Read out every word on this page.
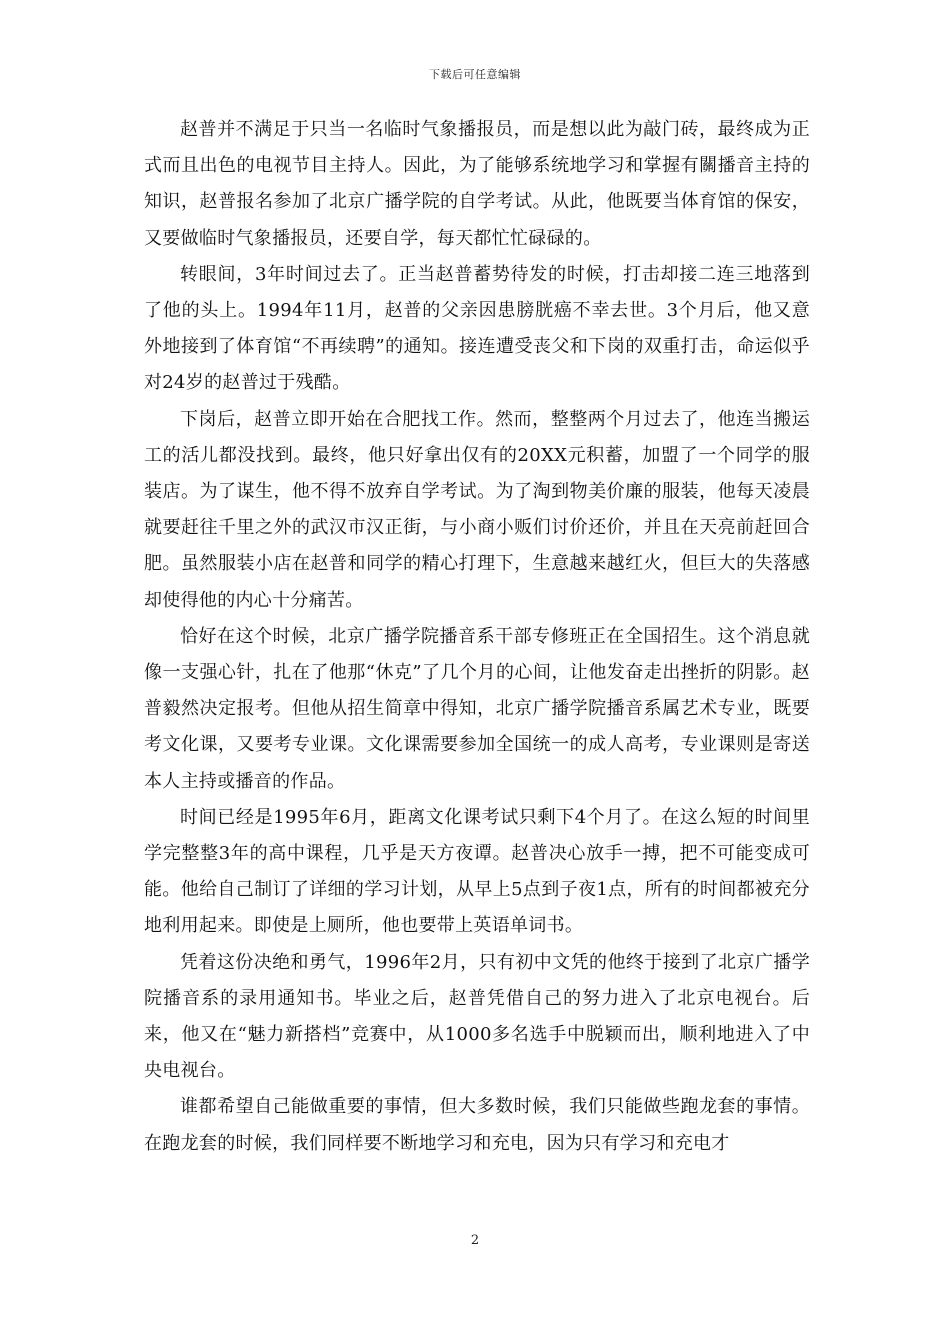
下载后可任意编辑

赵普并不满足于只当一名临时气象播报员，而是想以此为敲门砖，最终成为正式而且出色的电视节目主持人。因此，为了能够系统地学习和掌握有關播音主持的知识，赵普报名参加了北京广播学院的自学考试。从此，他既要当体育馆的保安，又要做临时气象播报员，还要自学，每天都忙忙碌碌的。

转眼间，3年时间过去了。正当赵普蓄势待发的时候，打击却接二连三地落到了他的头上。1994年11月，赵普的父亲因患膀胱癌不幸去世。3个月后，他又意外地接到了体育馆“不再续聘”的通知。接连遭受丧父和下岗的双重打击，命运似乎对24岁的赵普过于残酷。

下岗后，赵普立即开始在合肥找工作。然而，整整两个月过去了，他连当搬运工的活儿都没找到。最终，他只好拿出仅有的20XX元积蓄，加盟了一个同学的服装店。为了谋生，他不得不放弃自学考试。为了淘到物美价廉的服装，他每天凌晨就要赶往千里之外的武汉市汉正街，与小商小贩们讨价还价，并且在天亮前赶回合肥。虽然服装小店在赵普和同学的精心打理下，生意越来越红火，但巨大的失落感却使得他的内心十分痛苦。

恰好在这个时候，北京广播学院播音系干部专修班正在全国招生。这个消息就像一支强心针，扎在了他那“休克”了几个月的心间，让他发奋走出挫折的阴影。赵普毅然决定报考。但他从招生简章中得知，北京广播学院播音系属艺术专业，既要考文化课，又要考专业课。文化课需要参加全国统一的成人高考，专业课则是寄送本人主持或播音的作品。

时间已经是1995年6月，距离文化课考试只剩下4个月了。在这么短的时间里学完整整3年的高中课程，几乎是天方夜谭。赵普决心放手一搏，把不可能变成可能。他给自己制订了详细的学习计划，从早上5点到子夜1点，所有的时间都被充分地利用起来。即使是上厕所，他也要带上英语单词书。

凭着这份决绝和勇气，1996年2月，只有初中文凭的他终于接到了北京广播学院播音系的录用通知书。毕业之后，赵普凭借自己的努力进入了北京电视台。后来，他又在“魅力新搭档”竞赛中，从1000多名选手中脱颖而出，顺利地进入了中央电视台。

谁都希望自己能做重要的事情，但大多数时候，我们只能做些跑龙套的事情。在跑龙套的时候，我们同样要不断地学习和充电，因为只有学习和充电才

2
